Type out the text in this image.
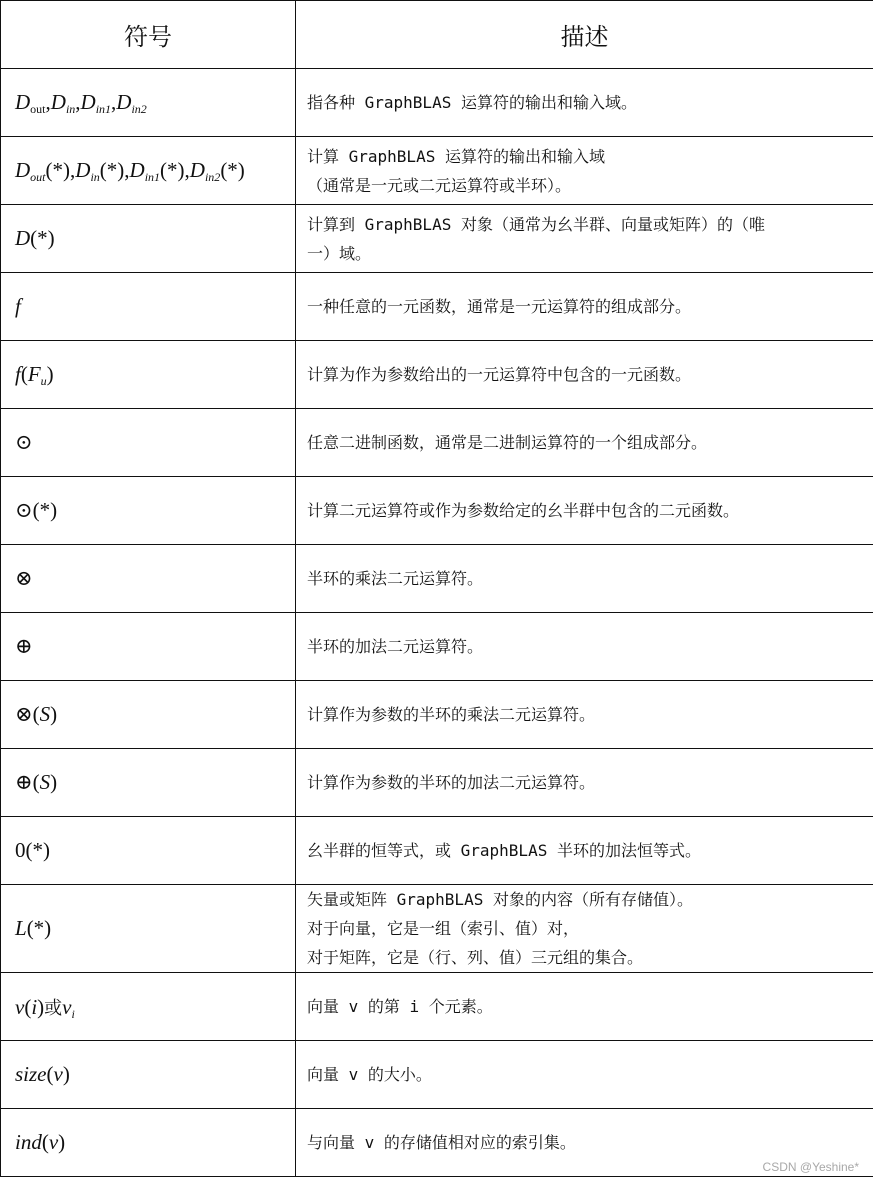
符号	描述
$D_{out},D_{in},D_{in1},D_{in2}$	指各种 GraphBLAS 运算符的输出和输入域。

$D_{out}(*),D_{in}(*),D_{in1}(*),D_{in2}(*)$	计算 GraphBLAS 运算符的输出和输入域
（通常是一元或二元运算符或半环）。

D(*)	计算到 GraphBLAS 对象（通常为幺半群、向量或矩阵）的（唯
一）域。

f	一种任意的一元函数，通常是一元运算符的组成部分。

$f(F_u)$	计算为作为参数给出的一元运算符中包含的一元函数。

⊙	任意二进制函数，通常是二进制运算符的一个组成部分。

⊙(*)	计算二元运算符或作为参数给定的幺半群中包含的二元函数。

⊗	半环的乘法二元运算符。

⊕	半环的加法二元运算符。

⊗(S)	计算作为参数的半环的乘法二元运算符。

⊕(S)	计算作为参数的半环的加法二元运算符。

0(*)	幺半群的恒等式，或 GraphBLAS 半环的加法恒等式。

L(*)	矢量或矩阵 GraphBLAS 对象的内容（所有存储值）。
对于向量，它是一组（索引、值）对，
对于矩阵，它是（行、列、值）三元组的集合。

v(i)或$v_i$	向量 v 的第 i 个元素。

size(v)	向量 v 的大小。

ind(v)	与向量 v 的存储值相对应的索引集。
CSDN @Yeshine*
